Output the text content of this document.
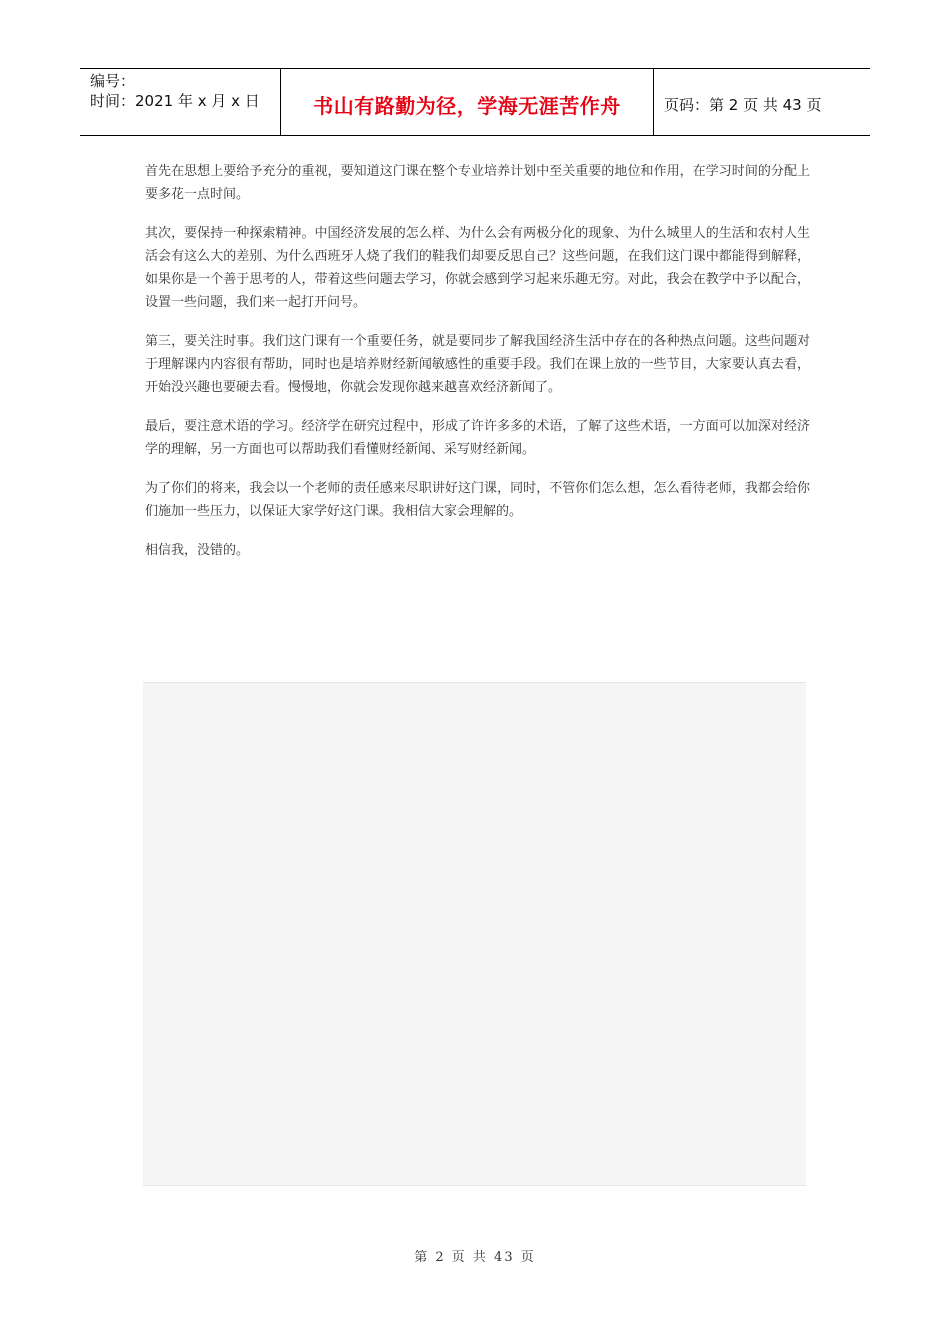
编号：
时间：2021 年 x 月 x 日	书山有路勤为径，学海无涯苦作舟	页码：第 2 页 共 43 页

首先在思想上要给予充分的重视，要知道这门课在整个专业培养计划中至关重要的地位和作用，在学习时间的分配上要多花一点时间。

其次，要保持一种探索精神。中国经济发展的怎么样、为什么会有两极分化的现象、为什么城里人的生活和农村人生活会有这么大的差别、为什么西班牙人烧了我们的鞋我们却要反思自己？这些问题，在我们这门课中都能得到解释，如果你是一个善于思考的人，带着这些问题去学习，你就会感到学习起来乐趣无穷。对此，我会在教学中予以配合，设置一些问题，我们来一起打开问号。

第三，要关注时事。我们这门课有一个重要任务，就是要同步了解我国经济生活中存在的各种热点问题。这些问题对于理解课内内容很有帮助，同时也是培养财经新闻敏感性的重要手段。我们在课上放的一些节目，大家要认真去看，开始没兴趣也要硬去看。慢慢地，你就会发现你越来越喜欢经济新闻了。

最后，要注意术语的学习。经济学在研究过程中，形成了许许多多的术语，了解了这些术语，一方面可以加深对经济学的理解，另一方面也可以帮助我们看懂财经新闻、采写财经新闻。

为了你们的将来，我会以一个老师的责任感来尽职讲好这门课，同时，不管你们怎么想，怎么看待老师，我都会给你们施加一些压力，以保证大家学好这门课。我相信大家会理解的。

相信我，没错的。

第 2 页 共 43 页
